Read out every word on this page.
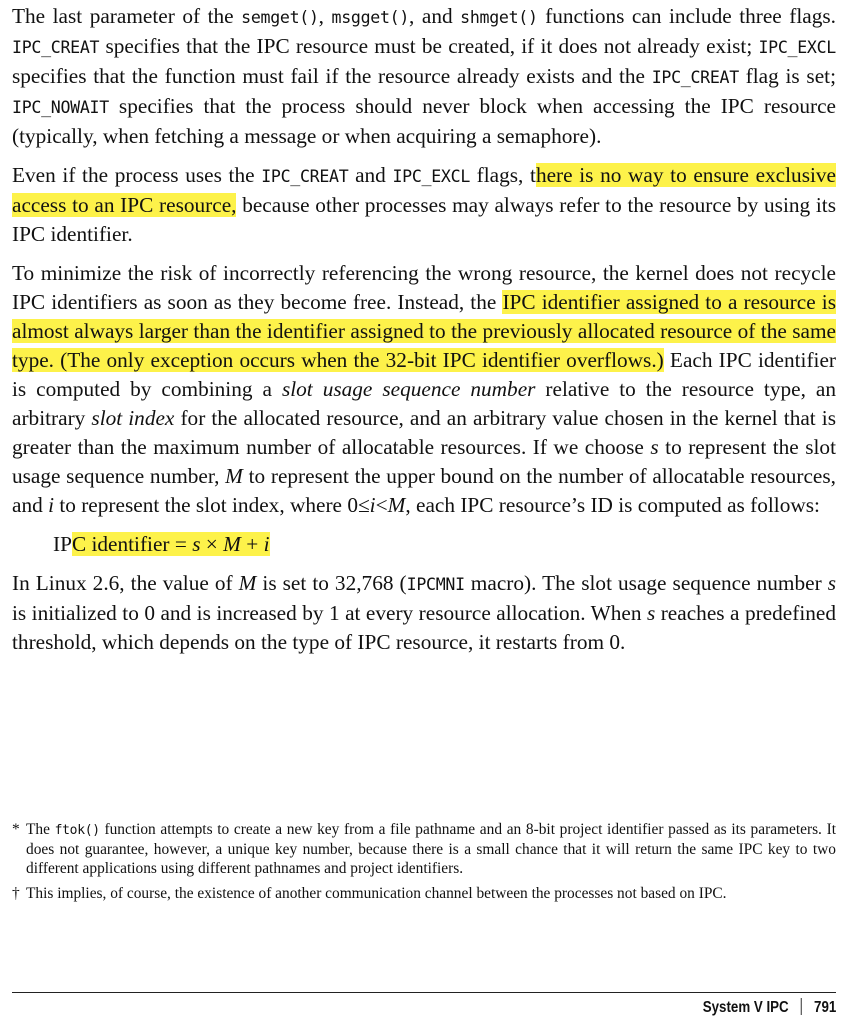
The last parameter of the semget(), msgget(), and shmget() functions can include three flags. IPC_CREAT specifies that the IPC resource must be created, if it does not already exist; IPC_EXCL specifies that the function must fail if the resource already exists and the IPC_CREAT flag is set; IPC_NOWAIT specifies that the process should never block when accessing the IPC resource (typically, when fetching a message or when acquiring a semaphore).

Even if the process uses the IPC_CREAT and IPC_EXCL flags, there is no way to ensure exclusive access to an IPC resource, because other processes may always refer to the resource by using its IPC identifier.

To minimize the risk of incorrectly referencing the wrong resource, the kernel does not recycle IPC identifiers as soon as they become free. Instead, the IPC identifier assigned to a resource is almost always larger than the identifier assigned to the previously allocated resource of the same type. (The only exception occurs when the 32-bit IPC identifier overflows.) Each IPC identifier is computed by combining a slot usage sequence number relative to the resource type, an arbitrary slot index for the allocated resource, and an arbitrary value chosen in the kernel that is greater than the maximum number of allocatable resources. If we choose s to represent the slot usage sequence number, M to represent the upper bound on the number of allocatable resources, and i to represent the slot index, where 0≤i<M, each IPC resource’s ID is computed as follows:

IPC identifier = s × M + i

In Linux 2.6, the value of M is set to 32,768 (IPCMNI macro). The slot usage sequence number s is initialized to 0 and is increased by 1 at every resource allocation. When s reaches a predefined threshold, which depends on the type of IPC resource, it restarts from 0.

* The ftok() function attempts to create a new key from a file pathname and an 8-bit project identifier passed as its parameters. It does not guarantee, however, a unique key number, because there is a small chance that it will return the same IPC key to two different applications using different pathnames and project identifiers.
† This implies, of course, the existence of another communication channel between the processes not based on IPC.
System V IPC 791
